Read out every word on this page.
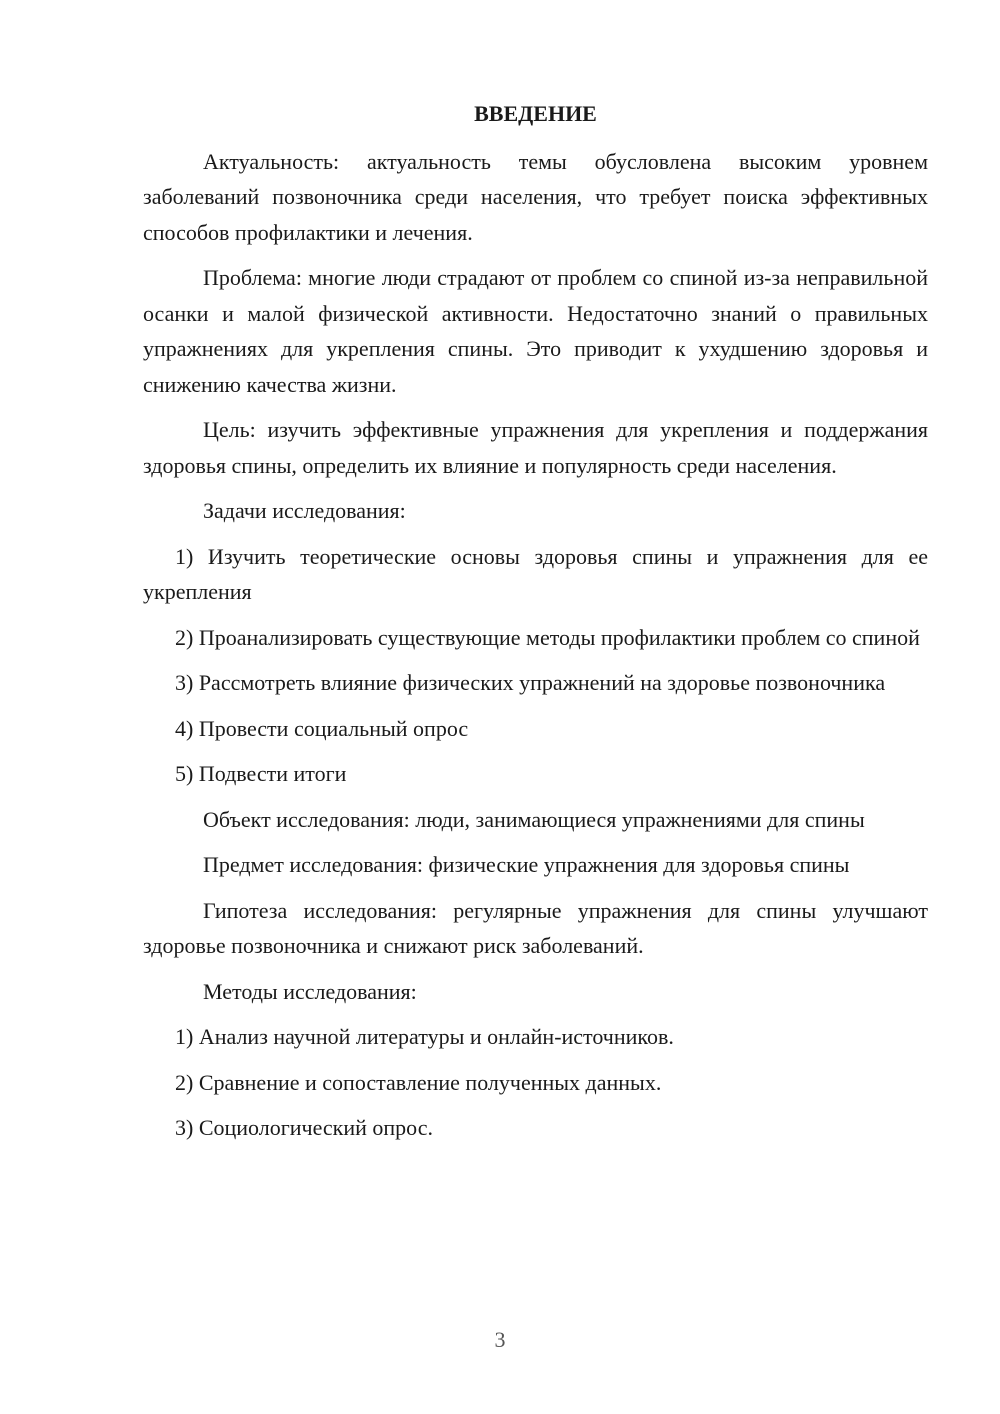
ВВЕДЕНИЕ

Актуальность: актуальность темы обусловлена высоким уровнем заболеваний позвоночника среди населения, что требует поиска эффективных способов профилактики и лечения.

Проблема: многие люди страдают от проблем со спиной из-за неправильной осанки и малой физической активности. Недостаточно знаний о правильных упражнениях для укрепления спины. Это приводит к ухудшению здоровья и снижению качества жизни.

Цель: изучить эффективные упражнения для укрепления и поддержания здоровья спины, определить их влияние и популярность среди населения.

Задачи исследования:

1) Изучить теоретические основы здоровья спины и упражнения для ее укрепления

2) Проанализировать существующие методы профилактики проблем со спиной

3) Рассмотреть влияние физических упражнений на здоровье позвоночника

4) Провести социальный опрос

5) Подвести итоги

Объект исследования: люди, занимающиеся упражнениями для спины

Предмет исследования: физические упражнения для здоровья спины

Гипотеза исследования: регулярные упражнения для спины улучшают здоровье позвоночника и снижают риск заболеваний.

Методы исследования:

1) Анализ научной литературы и онлайн-источников.

2) Сравнение и сопоставление полученных данных.

3) Социологический опрос.

3
